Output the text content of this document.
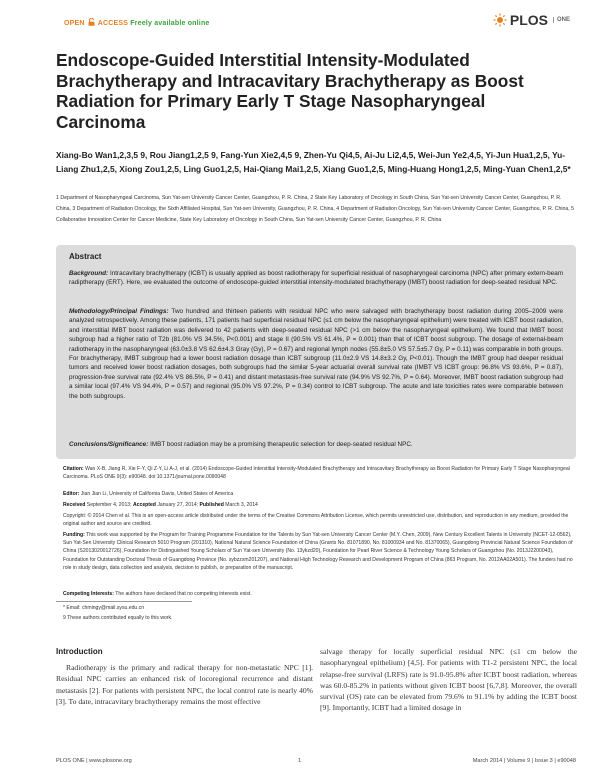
OPEN ACCESS Freely available online	PLOS	ONE
Endoscope-Guided Interstitial Intensity-Modulated Brachytherapy and Intracavitary Brachytherapy as Boost Radiation for Primary Early T Stage Nasopharyngeal Carcinoma
Xiang-Bo Wan1,2,3,5 9, Rou Jiang1,2,5 9, Fang-Yun Xie2,4,5 9, Zhen-Yu Qi4,5, Ai-Ju Li2,4,5, Wei-Jun Ye2,4,5, Yi-Jun Hua1,2,5, Yu-Liang Zhu1,2,5, Xiong Zou1,2,5, Ling Guo1,2,5, Hai-Qiang Mai1,2,5, Xiang Guo1,2,5, Ming-Huang Hong1,2,5, Ming-Yuan Chen1,2,5*
1 Department of Nasopharyngeal Carcinoma, Sun Yat-sen University Cancer Center, Guangzhou, P. R. China, 2 State Key Laboratory of Oncology in South China, Sun Yat-sen University Cancer Center, Guangzhou, P. R. China, 3 Department of Radiation Oncology, the Sixth Affiliated Hospital, Sun Yat-sen University, Guangzhou, P. R. China, 4 Department of Radiation Oncology, Sun Yat-sen University Cancer Center, Guangzhou, P. R. China, 5 Collaborative Innovation Center for Cancer Medicine, State Key Laboratory of Oncology in South China, Sun Yat-sen University Cancer Center, Guangzhou, P. R. China
Abstract

Background: Intracavitary brachytherapy (ICBT) is usually applied as boost radiotherapy for superficial residual of nasopharyngeal carcinoma (NPC) after primary extern-beam radiptherapy (ERT). Here, we evaluated the outcome of endoscope-guided interstitial intensity-modulated brachytherapy (IMBT) boost radiation for deep-seated residual NPC.

Methodology/Principal Findings: Two hundred and thirteen patients with residual NPC who were salvaged with brachytherapy boost radiation during 2005–2009 were analyzed retrospectively. Among these patients, 171 patients had superficial residual NPC (≤1 cm below the nasopharyngeal epithelium) were treated with ICBT boost radiation, and interstitial IMBT boost radiation was delivered to 42 patients with deep-seated residual NPC (>1 cm below the nasopharyngeal epithelium). We found that IMBT boost subgroup had a higher ratio of T2b (81.0% VS 34.5%, P<0.001) and stage II (90.5% VS 61.4%, P = 0.001) than that of ICBT boost subgroup. The dosage of external-beam radiotherapy in the nasopharyngeal (63.0±3.8 VS 62.6±4.3 Gray (Gy), P = 0.67) and regional lymph nodes (55.8±5.0 VS 57.5±5.7 Gy, P = 0.11) was comparable in both groups. For brachytherapy, IMBT subgroup had a lower boost radiation dosage than ICBT subgroup (11.0±2.9 VS 14.8±3.2 Gy, P<0.01). Though the IMBT group had deeper residual tumors and received lower boost radiation dosages, both subgroups had the similar 5-year actuarial overall survival rate (IMBT VS ICBT group: 96.8% VS 93.6%, P = 0.87), progression-free survival rate (92.4% VS 86.5%, P = 0.41) and distant metastasis-free survival rate (94.9% VS 92.7%, P = 0.64). Moreover, IMBT boost radiation subgroup had a similar local (97.4% VS 94.4%, P = 0.57) and regional (95.0% VS 97.2%, P = 0.34) control to ICBT subgroup. The acute and late toxicities rates were comparable between the both subgroups.

Conclusions/Significance: IMBT boost radiation may be a promising therapeutic selection for deep-seated residual NPC.

Citation: Wan X-B, Jiang R, Xie F-Y, Qi Z-Y, Li A-J, et al. (2014) Endoscope-Guided Interstitial Intensity-Modulated Brachytherapy and Intracavitary Brachytherapy as Boost Radiation for Primary Early T Stage Nasopharyngeal Carcinoma. PLoS ONE 9(3): e90048. doi:10.1371/journal.pone.0090048

Editor: Jian Jian Li, University of California Davis, United States of America

Received September 4, 2013; Accepted January 27, 2014; Published March 3, 2014

Copyright: © 2014 Chen et al. This is an open-access article distributed under the terms of the Creative Commons Attribution License, which permits unrestricted use, distribution, and reproduction in any medium, provided the original author and source are credited.

Funding: This work was supported by the Program for Training Programme Foundation for the Talents by Sun Yat-sen University Cancer Center (M.Y. Chen, 2009), New Century Excellent Talents in University (NCET-12-0562), Sun Yat-Sen University Clinical Research 5010 Program (201310), National Natural Science Foundation of China (Grants No. 81071890, No. 81000934 and No. 81370065), Guangdong Provincial Natural Science Foundation of China (S2013020012726), Foundation for Distinguished Young Scholars of Sun Yat-sen University (No. 13ykzd20), Foundation for Pearl River Science & Technology Young Scholars of Guangzhou (No. 2013J2200043), Foundation for Outstanding Doctoral Thesis of Guangdong Province (No. sybzzxm201207), and National High Technology Research and Development Program of China (863 Program, No. 2012AA02A501). The funders had no role in study design, data collection and analysis, decision to publish, or preparation of the manuscript.

Competing Interests: The authors have declared that no competing interests exist.

* Email: chmingy@mail.sysu.edu.cn

9 These authors contributed equally to this work.

Introduction

Radiotherapy is the primary and radical therapy for non-metastatic NPC [1]. Residual NPC carries an enhanced risk of locoregional recurrence and distant metastasis [2]. For patients with persistent NPC, the local control rate is nearly 40% [3]. To date, intracavitary brachytherapy remains the most effective

salvage therapy for locally superficial residual NPC (≤1 cm below the nasopharyngeal epithelium) [4,5]. For patients with T1-2 persistent NPC, the local relapse-free survival (LRFS) rate is 91.0-95.8% after ICBT boost radiation, whereas was 60.0-85.2% in patients without given ICBT boost [6,7,8]. Moreover, the overall survival (OS) rate can be elevated from 79.6% to 91.1% by adding the ICBT boost [9]. Importantly, ICBT had a limited dosage in

PLOS ONE | www.plosone.org	1	March 2014 | Volume 9 | Issue 3 | e90048
